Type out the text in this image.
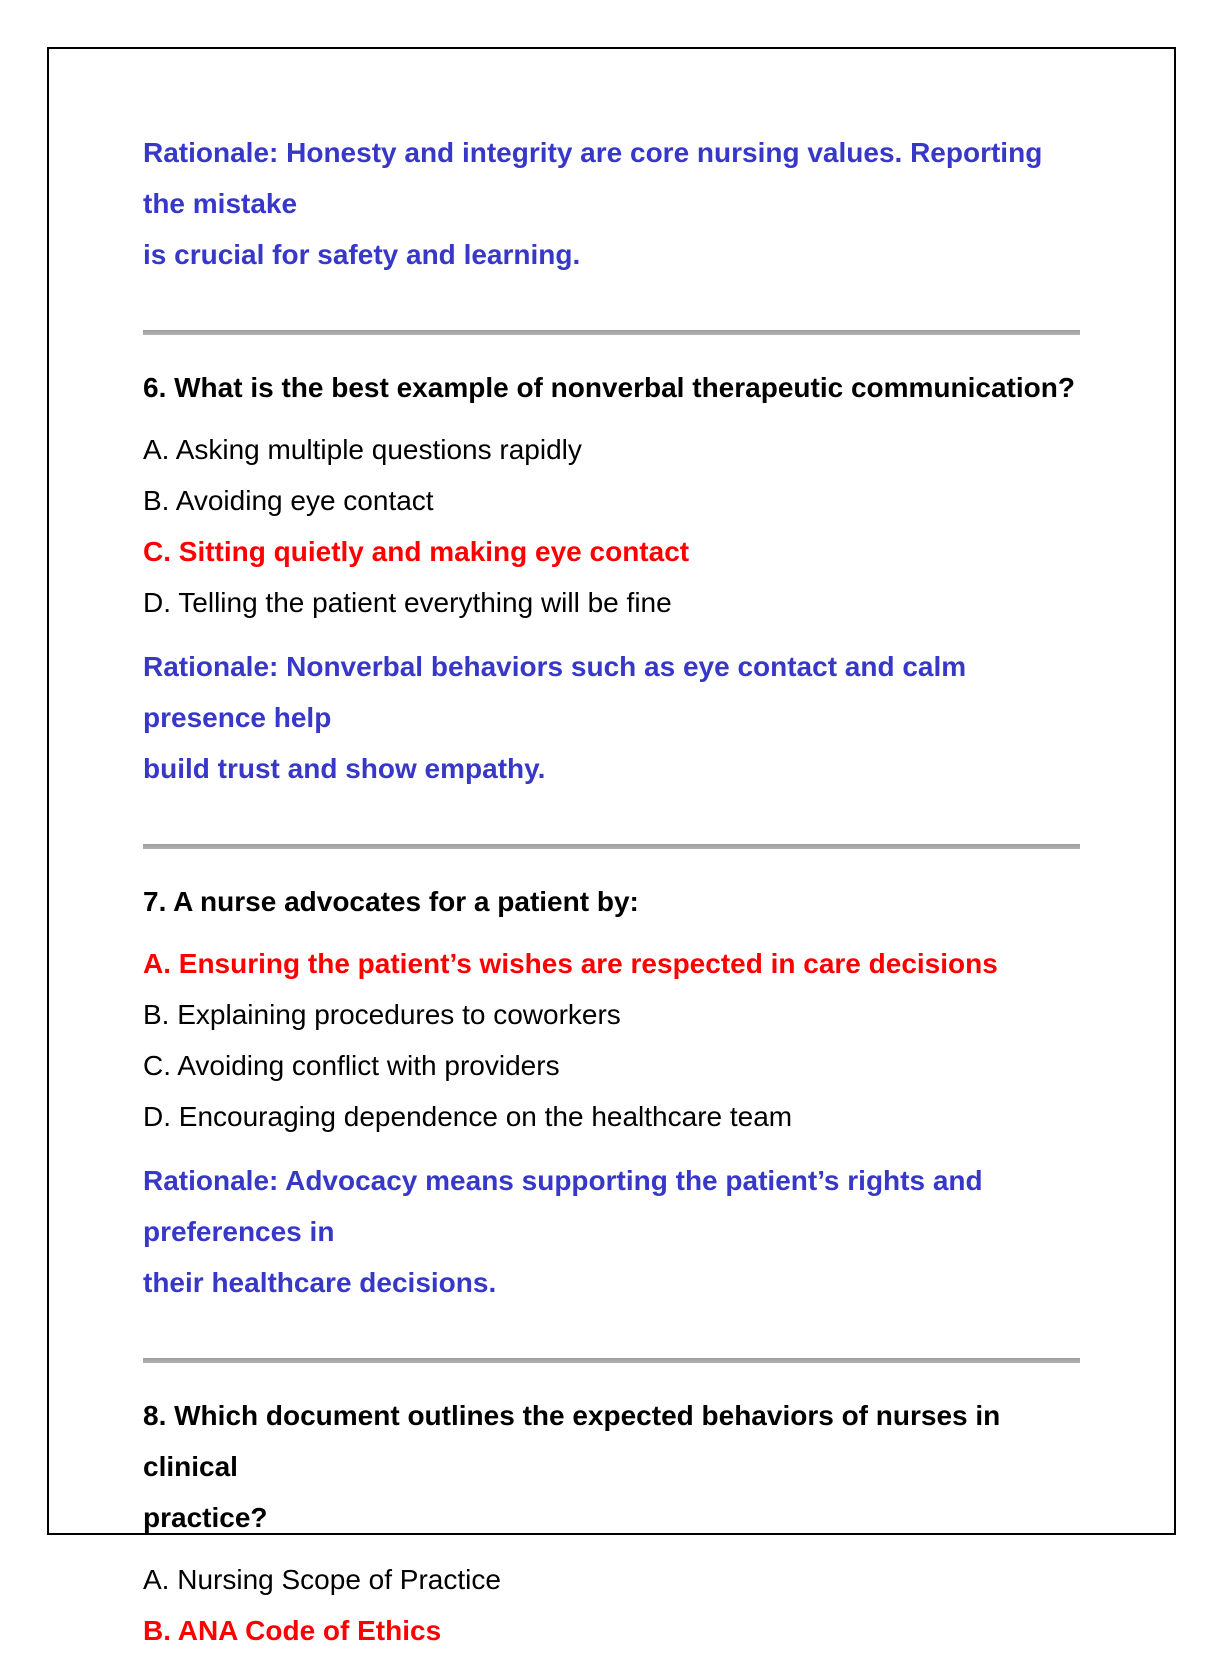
Rationale: Honesty and integrity are core nursing values. Reporting the mistake
is crucial for safety and learning.

6. What is the best example of nonverbal therapeutic communication?

A. Asking multiple questions rapidly

B. Avoiding eye contact

C. Sitting quietly and making eye contact

D. Telling the patient everything will be fine

Rationale: Nonverbal behaviors such as eye contact and calm presence help
build trust and show empathy.

7. A nurse advocates for a patient by:

A. Ensuring the patient’s wishes are respected in care decisions

B. Explaining procedures to coworkers

C. Avoiding conflict with providers

D. Encouraging dependence on the healthcare team

Rationale: Advocacy means supporting the patient’s rights and preferences in
their healthcare decisions.

8. Which document outlines the expected behaviors of nurses in clinical
practice?

A. Nursing Scope of Practice

B. ANA Code of Ethics
